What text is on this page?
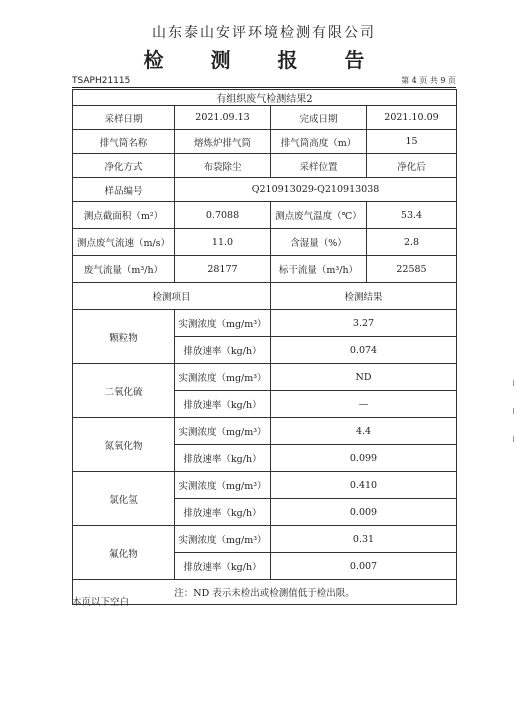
山东泰山安评环境检测有限公司
检 测 报 告
TSAPH21115	第 4 页 共 9 页
有组织废气检测结果2			
采样日期	2021.09.13	完成日期	2021.10.09
排气筒名称	熔炼炉排气筒	排气筒高度（m）	15
净化方式	布袋除尘	采样位置	净化后
样品编号	Q210913029-Q210913038		
测点截面积（m²）	0.7088	测点废气温度（℃）	53.4
测点废气流速（m/s）	11.0	含湿量（%）	2.8
废气流量（m³/h）	28177	标干流量（m³/h）	22585
检测项目		检测结果	
颗粒物	实测浓度（mg/m³）	3.27	
	排放速率（kg/h）	0.074	
二氧化硫	实测浓度（mg/m³）	ND	
	排放速率（kg/h）	—	
氮氧化物	实测浓度（mg/m³）	4.4	
	排放速率（kg/h）	0.099	
氯化氢	实测浓度（mg/m³）	0.410	
	排放速率（kg/h）	0.009	
氟化物	实测浓度（mg/m³）	0.31	
	排放速率（kg/h）	0.007	
注：ND 表示未检出或检测值低于检出限。			
本页以下空白
